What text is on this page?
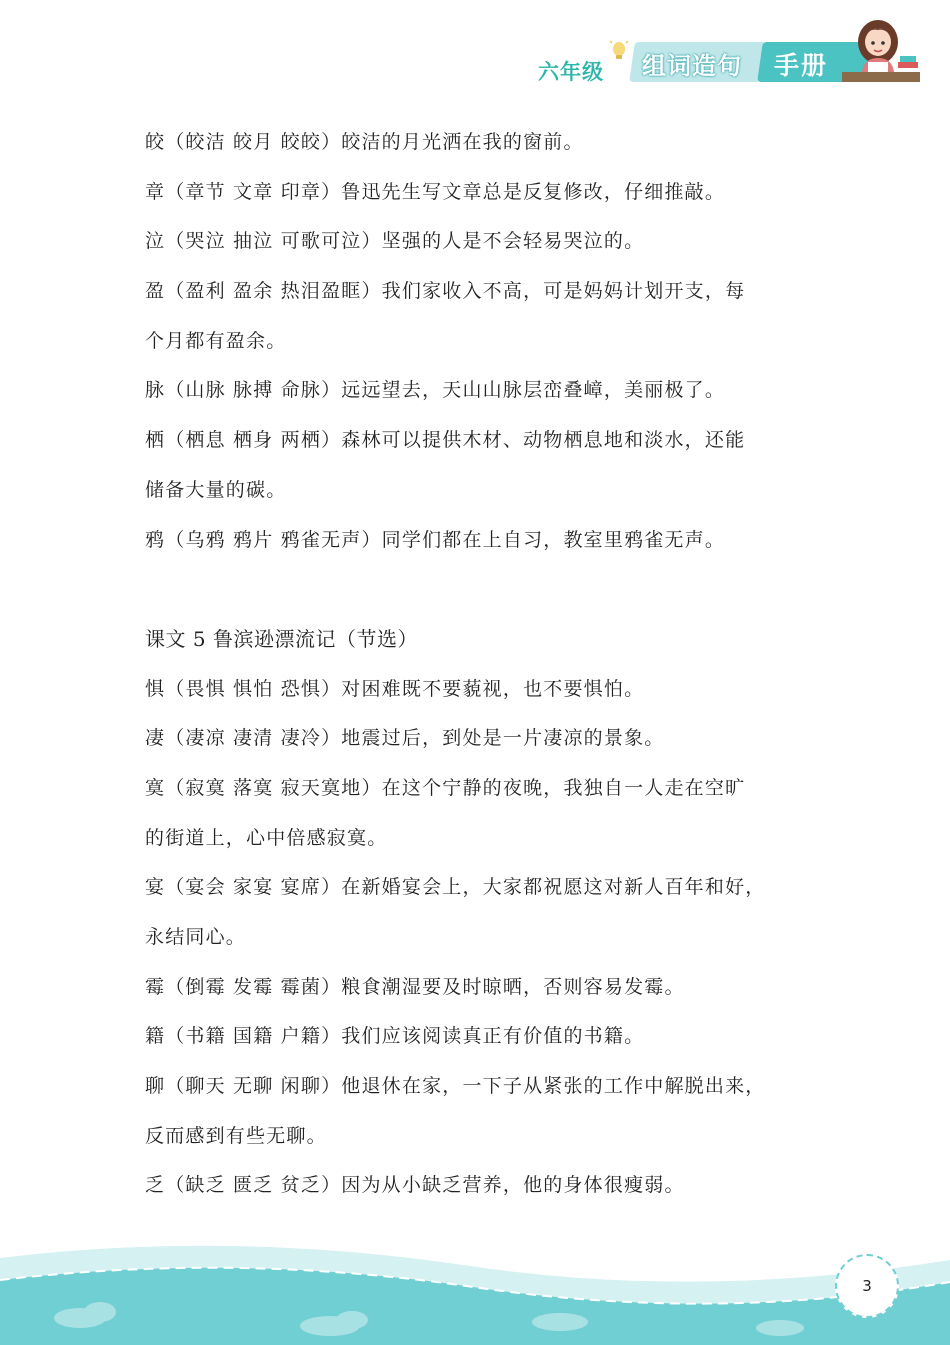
六年级 组词造句 手册
皎（皎洁 皎月 皎皎）皎洁的月光洒在我的窗前。
章（章节 文章 印章）鲁迅先生写文章总是反复修改，仔细推敲。
泣（哭泣 抽泣 可歌可泣）坚强的人是不会轻易哭泣的。
盈（盈利 盈余 热泪盈眶）我们家收入不高，可是妈妈计划开支，每
个月都有盈余。
脉（山脉 脉搏 命脉）远远望去，天山山脉层峦叠嶂，美丽极了。
栖（栖息 栖身 两栖）森林可以提供木材、动物栖息地和淡水，还能
储备大量的碳。
鸦（乌鸦 鸦片 鸦雀无声）同学们都在上自习，教室里鸦雀无声。
课文 5 鲁滨逊漂流记（节选）
惧（畏惧 惧怕 恐惧）对困难既不要藐视，也不要惧怕。
凄（凄凉 凄清 凄冷）地震过后，到处是一片凄凉的景象。
寞（寂寞 落寞 寂天寞地）在这个宁静的夜晚，我独自一人走在空旷
的街道上，心中倍感寂寞。
宴（宴会 家宴 宴席）在新婚宴会上，大家都祝愿这对新人百年和好，
永结同心。
霉（倒霉 发霉 霉菌）粮食潮湿要及时晾晒，否则容易发霉。
籍（书籍 国籍 户籍）我们应该阅读真正有价值的书籍。
聊（聊天 无聊 闲聊）他退休在家，一下子从紧张的工作中解脱出来，
反而感到有些无聊。
乏（缺乏 匮乏 贫乏）因为从小缺乏营养，他的身体很瘦弱。
3
